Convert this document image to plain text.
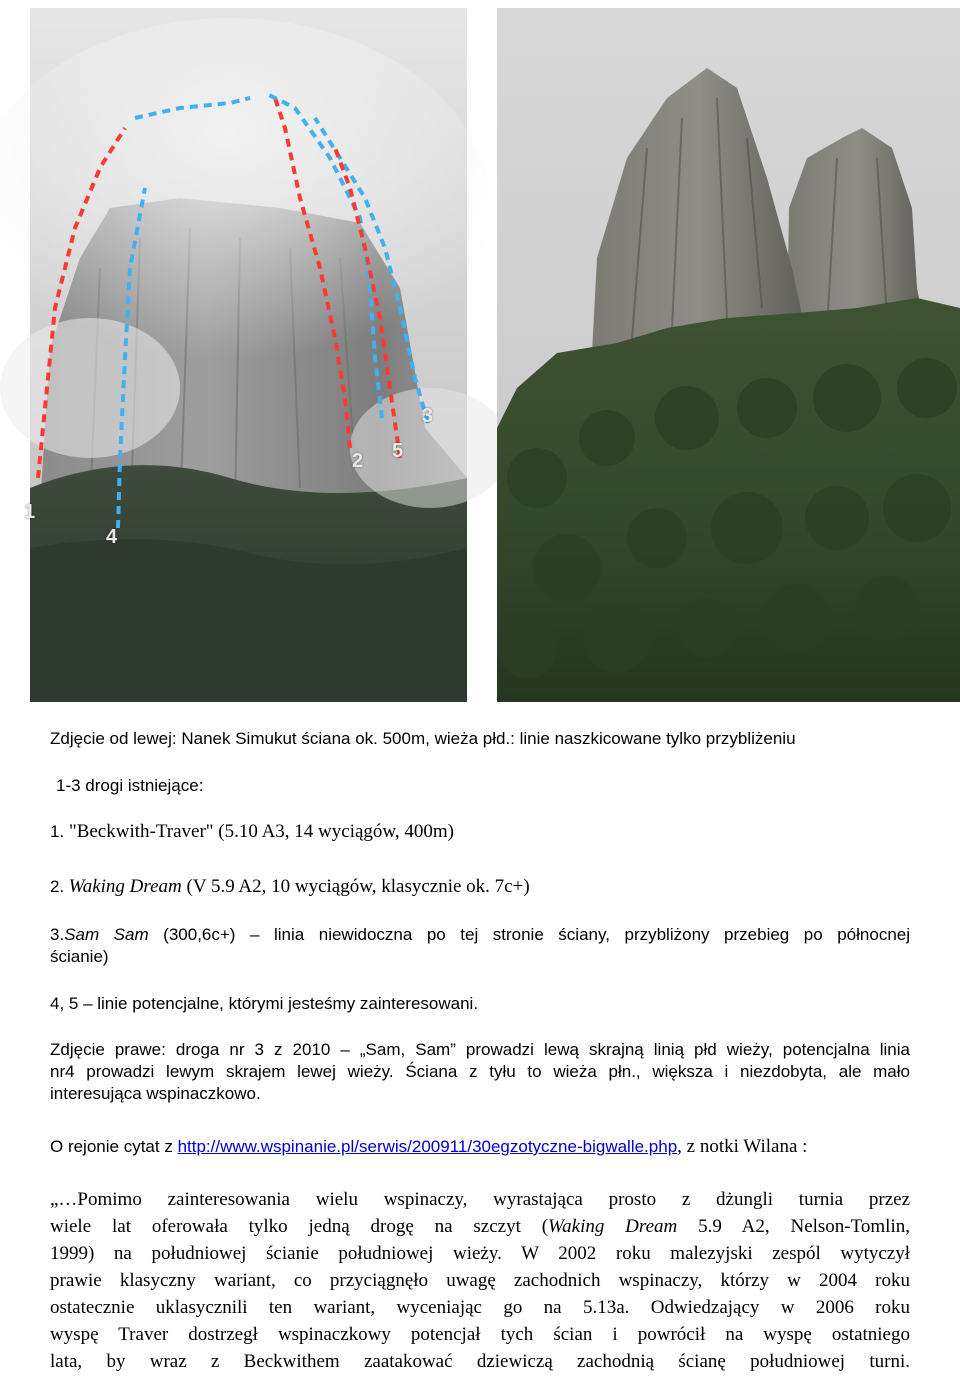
1
2
3
4
5
Zdjęcie od lewej: Nanek Simukut ściana ok. 500m, wieża płd.: linie naszkicowane tylko przybliżeniu
1-3 drogi istniejące:
1. "Beckwith-Traver" (5.10 A3, 14 wyciągów, 400m)
2. Waking Dream (V 5.9 A2, 10 wyciągów, klasycznie ok. 7c+)
3.Sam Sam (300,6c+) – linia niewidoczna po tej stronie ściany, przybliżony przebieg po północnej
ścianie)
4, 5 – linie potencjalne, którymi jesteśmy zainteresowani.
Zdjęcie prawe: droga nr 3 z 2010 – „Sam, Sam” prowadzi lewą skrajną linią płd wieży, potencjalna linia
nr4 prowadzi lewym skrajem lewej wieży. Ściana z tyłu to wieża płn., większa i niezdobyta, ale mało
interesująca wspinaczkowo.
O rejonie cytat z http://www.wspinanie.pl/serwis/200911/30egzotyczne-bigwalle.php, z notki Wilana :
„…Pomimo zainteresowania wielu wspinaczy, wyrastająca prosto z dżungli turnia przez
wiele lat oferowała tylko jedną drogę na szczyt (Waking Dream 5.9 A2, Nelson-Tomlin,
1999) na południowej ścianie południowej wieży. W 2002 roku malezyjski zespól wytyczył
prawie klasyczny wariant, co przyciągnęło uwagę zachodnich wspinaczy, którzy w 2004 roku
ostatecznie uklasycznili ten wariant, wyceniając go na 5.13a. Odwiedzający w 2006 roku
wyspę Traver dostrzegł wspinaczkowy potencjał tych ścian i powrócił na wyspę ostatniego
lata, by wraz z Beckwithem zaatakować dziewiczą zachodnią ścianę południowej turni.
